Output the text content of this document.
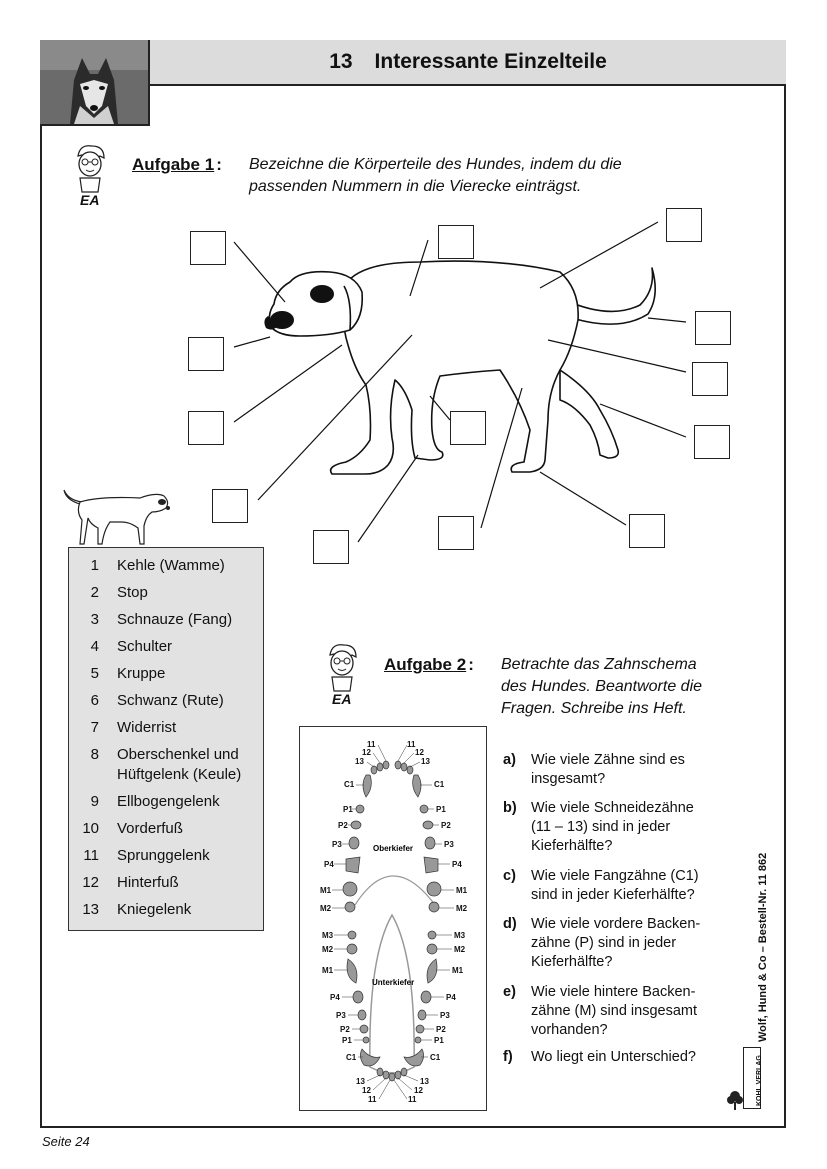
13 Interessante Einzelteile
EA
Aufgabe 1 : Bezeichne die Körperteile des Hundes, indem du die
passenden Nummern in die Vierecke einträgst.
1 Kehle (Wamme)
2 Stop
3 Schnauze (Fang)
4 Schulter
5 Kruppe
6 Schwanz (Rute)
7 Widerrist
8 Oberschenkel und Hüftgelenk (Keule)
9 Ellbogengelenk
10 Vorderfuß
11 Sprunggelenk
12 Hinterfuß
13 Kniegelenk
EA
Aufgabe 2 : Betrachte das Zahnschema
des Hundes. Beantworte die
Fragen. Schreibe ins Heft.
Oberkiefer
Unterkiefer
11	11
12	12
13	13
C1	C1
P1	P1
P2	P2
P3	P3
P4	P4
M1	M1
M2	M2
M3	M3
M2	M2
M1	M1
P4	P4
P3	P3
P2	P2
P1	P1
C1	C1
13	13
12	12
11	11
a)	Wie viele Zähne sind es insgesamt?
b) Wie viele Schneidezähne (11 – 13) sind in jeder Kieferhälfte?
c)	Wie viele Fangzähne (C1) sind in jeder Kieferhälfte?
d) Wie viele vordere Backen-zähne (P) sind in jeder Kieferhälfte?
e)	Wie viele hintere Backen-zähne (M) sind insgesamt vorhanden?
f)	Wo liegt ein Unterschied?
Wolf, Hund & Co – Bestell-Nr. 11 862
KOHL VERLAG
Seite 24
